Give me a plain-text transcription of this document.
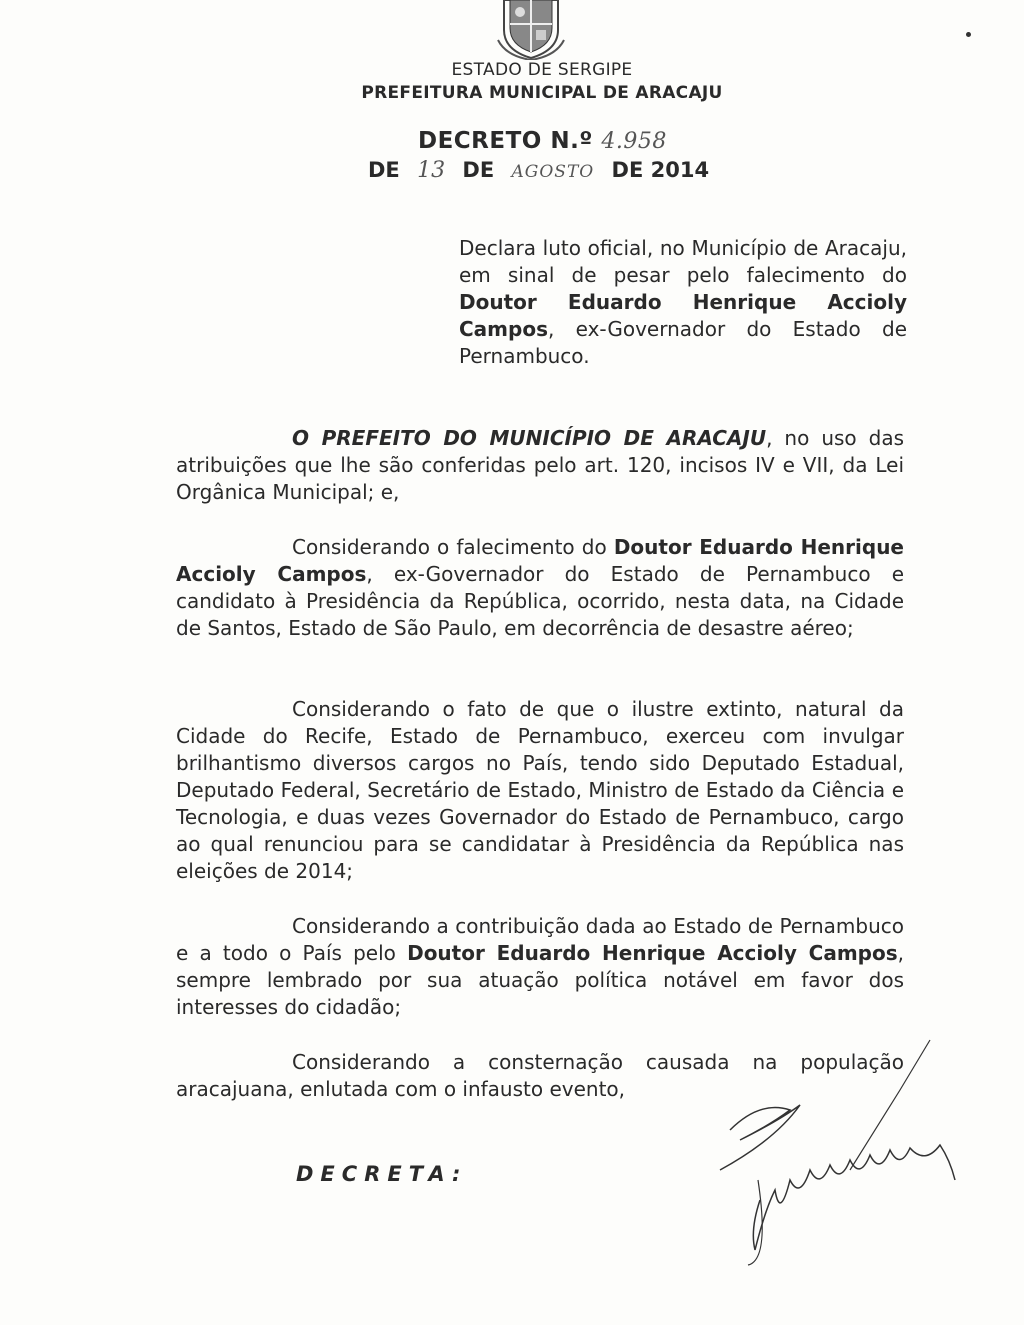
ESTADO DE SERGIPE
PREFEITURA MUNICIPAL DE ARACAJU
DECRETO N.º 4.958
DE 13 DE AGOSTO DE 2014
Declara luto oficial, no Município de Aracaju, em sinal de pesar pelo falecimento do Doutor Eduardo Henrique Accioly Campos, ex-Governador do Estado de Pernambuco.
O PREFEITO DO MUNICÍPIO DE ARACAJU, no uso das atribuições que lhe são conferidas pelo art. 120, incisos IV e VII, da Lei Orgânica Municipal; e,
Considerando o falecimento do Doutor Eduardo Henrique Accioly Campos, ex-Governador do Estado de Pernambuco e candidato à Presidência da República, ocorrido, nesta data, na Cidade de Santos, Estado de São Paulo, em decorrência de desastre aéreo;
Considerando o fato de que o ilustre extinto, natural da Cidade do Recife, Estado de Pernambuco, exerceu com invulgar brilhantismo diversos cargos no País, tendo sido Deputado Estadual, Deputado Federal, Secretário de Estado, Ministro de Estado da Ciência e Tecnologia, e duas vezes Governador do Estado de Pernambuco, cargo ao qual renunciou para se candidatar à Presidência da República nas eleições de 2014;
Considerando a contribuição dada ao Estado de Pernambuco e a todo o País pelo Doutor Eduardo Henrique Accioly Campos, sempre lembrado por sua atuação política notável em favor dos interesses do cidadão;
Considerando a consternação causada na população aracajuana, enlutada com o infausto evento,
DECRETA:
